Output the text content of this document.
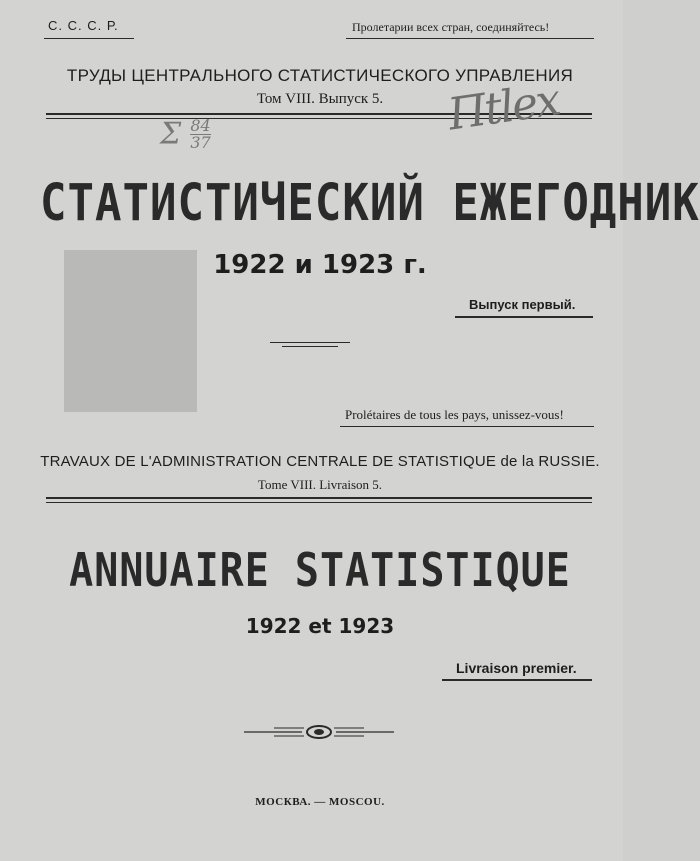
С. С. С. Р.	Пролетарии всех стран, соединяйтесь!
ТРУДЫ ЦЕНТРАЛЬНОГО СТАТИСТИЧЕСКОГО УПРАВЛЕНИЯ
Том VIII. Выпуск 5.
Ʃ $\frac{84}{37}$	Пtlex
СТАТИСТИЧЕСКИЙ ЕЖЕГОДНИК
1922 и 1923 г.
Выпуск первый.
Prolétaires de tous les pays, unissez-vous!
TRAVAUX DE L'ADMINISTRATION CENTRALE DE STATISTIQUE de la RUSSIE.
Tome VIII. Livraison 5.
ANNUAIRE STATISTIQUE
1922 et 1923
Livraison premier.
МОСКВА. — MOSCOU.
